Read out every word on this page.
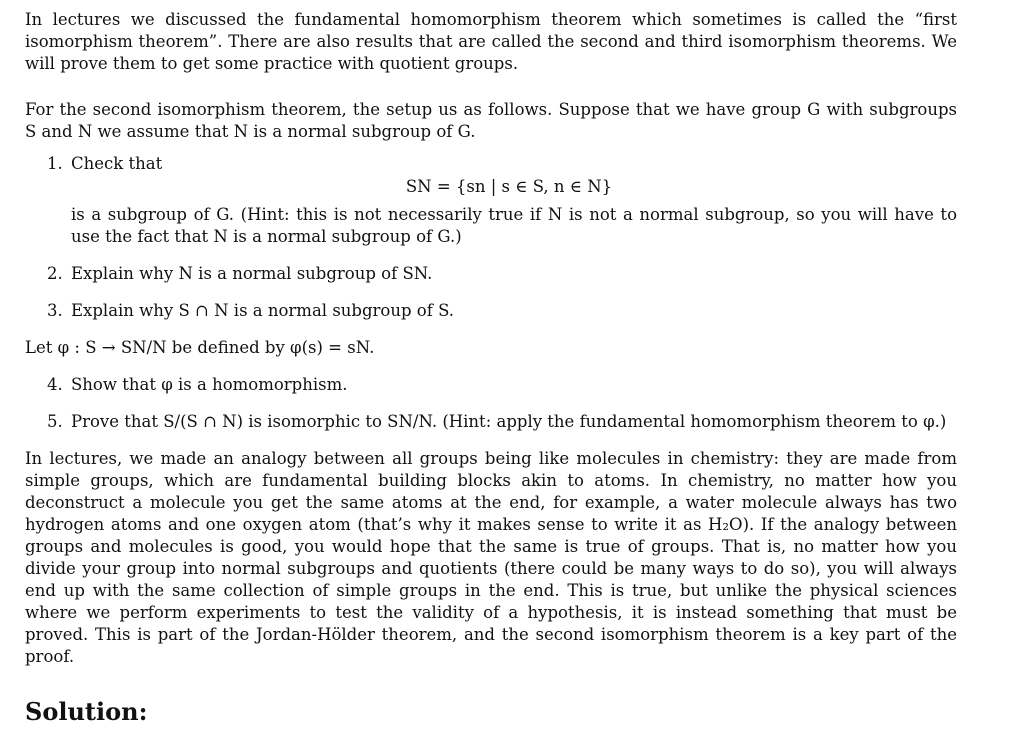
In lectures we discussed the fundamental homomorphism theorem which sometimes is called the “first isomorphism theorem”. There are also results that are called the second and third isomorphism theorems. We will prove them to get some practice with quotient groups.

For the second isomorphism theorem, the setup us as follows. Suppose that we have group G with subgroups S and N we assume that N is a normal subgroup of G.

1. Check that

SN = {sn | s ∈ S, n ∈ N}

is a subgroup of G. (Hint: this is not necessarily true if N is not a normal subgroup, so you will have to use the fact that N is a normal subgroup of G.)

2. Explain why N is a normal subgroup of SN.

3. Explain why S ∩ N is a normal subgroup of S.

Let φ : S → SN/N be defined by φ(s) = sN.

4. Show that φ is a homomorphism.

5. Prove that S/(S ∩ N) is isomorphic to SN/N. (Hint: apply the fundamental homomorphism theorem to φ.)

In lectures, we made an analogy between all groups being like molecules in chemistry: they are made from simple groups, which are fundamental building blocks akin to atoms. In chemistry, no matter how you deconstruct a molecule you get the same atoms at the end, for example, a water molecule always has two hydrogen atoms and one oxygen atom (that’s why it makes sense to write it as H₂O). If the analogy between groups and molecules is good, you would hope that the same is true of groups. That is, no matter how you divide your group into normal subgroups and quotients (there could be many ways to do so), you will always end up with the same collection of simple groups in the end. This is true, but unlike the physical sciences where we perform experiments to test the validity of a hypothesis, it is instead something that must be proved. This is part of the Jordan-Hölder theorem, and the second isomorphism theorem is a key part of the proof.

Solution:
